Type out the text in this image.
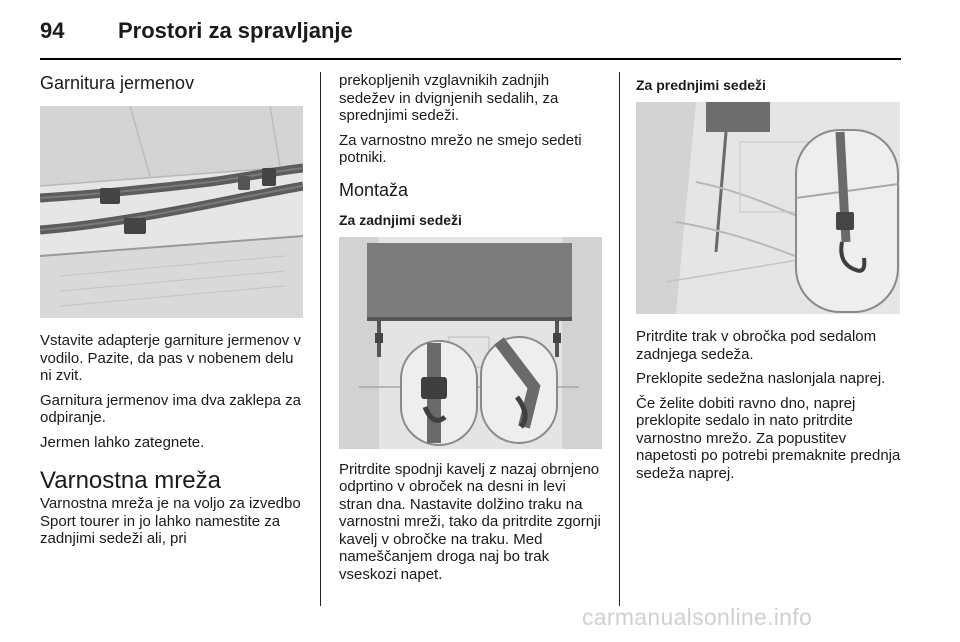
94 Prostori za spravljanje
Garnitura jermenov

Vstavite adapterje garniture jermenov v vodilo. Pazite, da pas v nobenem delu ni zvit.

Garnitura jermenov ima dva zaklepa za odpiranje.

Jermen lahko zategnete.

Varnostna mreža

Varnostna mreža je na voljo za izvedbo Sport tourer in jo lahko namestite za zadnjimi sedeži ali, pri

prekopljenih vzglavnikih zadnjih sedežev in dvignjenih sedalih, za sprednjimi sedeži.

Za varnostno mrežo ne smejo sedeti potniki.

Montaža
Za zadnjimi sedeži

Pritrdite spodnji kavelj z nazaj obrnjeno odprtino v obroček na desni in levi stran dna. Nastavite dolžino traku na varnostni mreži, tako da pritrdite zgornji kavelj v obročke na traku. Med nameščanjem droga naj bo trak vseskozi napet.

Za prednjimi sedeži

Pritrdite trak v obročka pod sedalom zadnjega sedeža.

Preklopite sedežna naslonjala naprej.

Če želite dobiti ravno dno, naprej preklopite sedalo in nato pritrdite varnostno mrežo. Za popustitev napetosti po potrebi premaknite prednja sedeža naprej.

carmanualsonline.info
